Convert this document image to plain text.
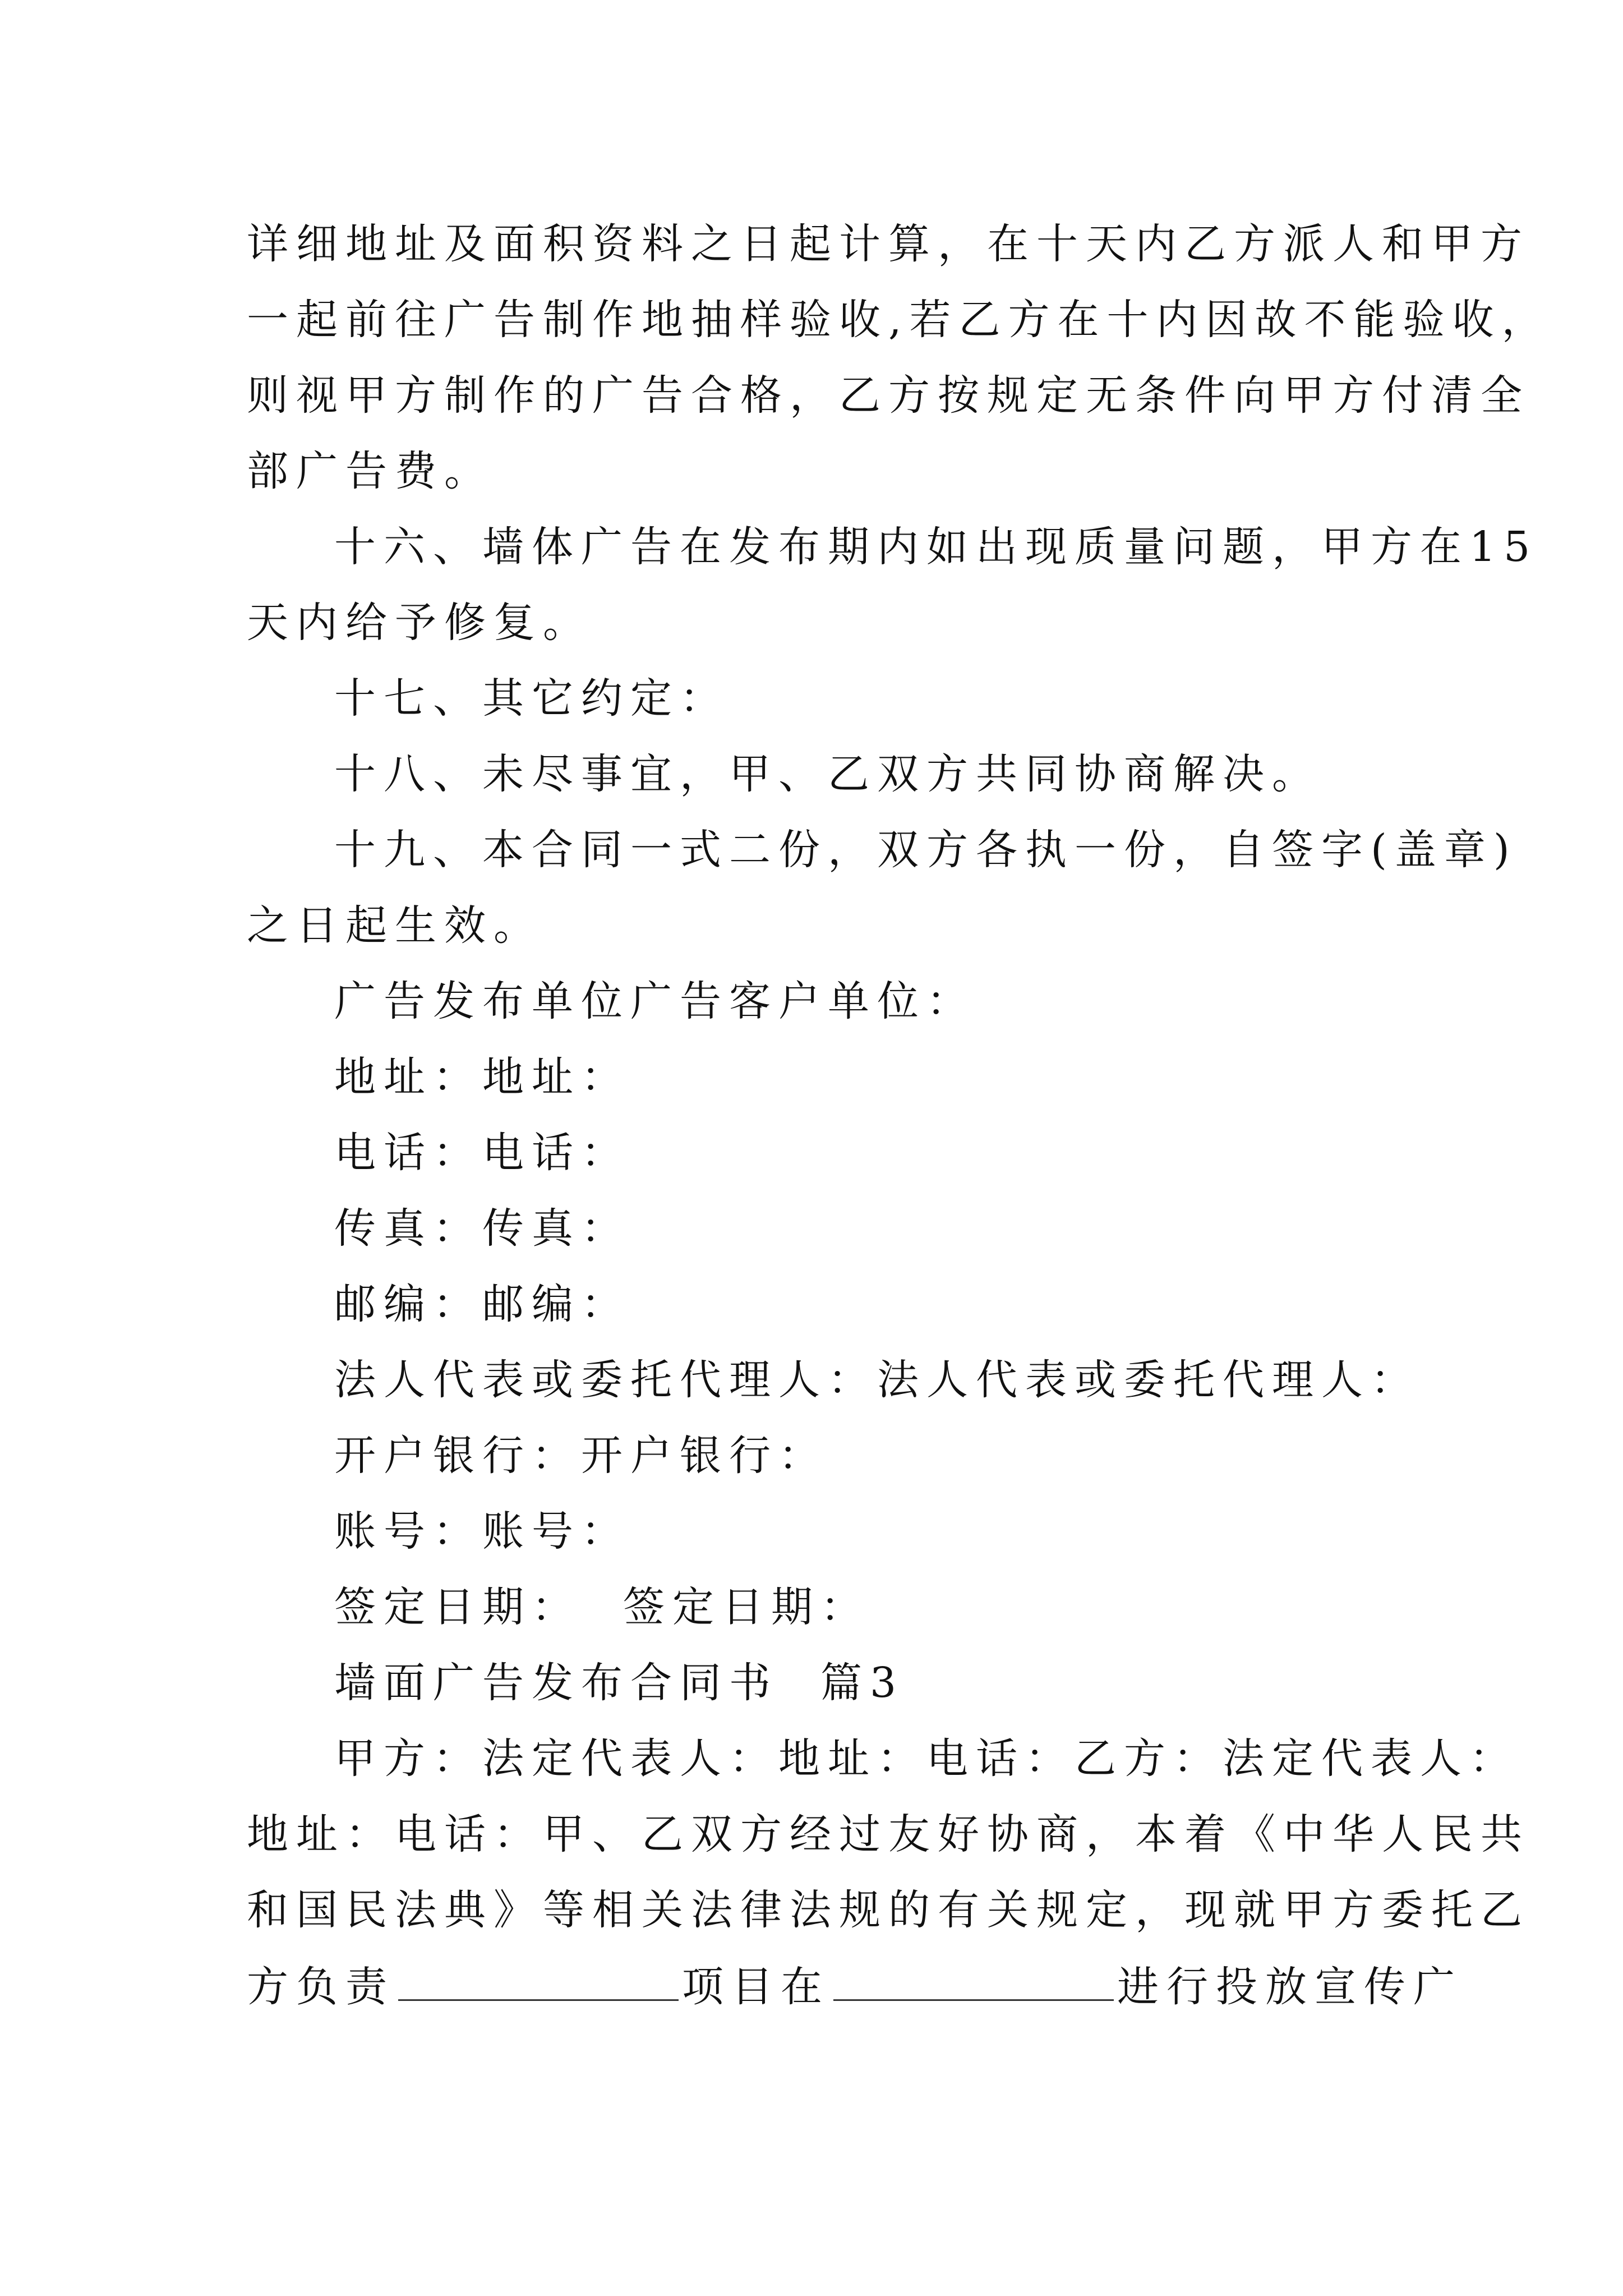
详细地址及面积资料之日起计算，在十天内乙方派人和甲方
一起前往广告制作地抽样验收,若乙方在十内因故不能验收，
则视甲方制作的广告合格，乙方按规定无条件向甲方付清全
部广告费。
十六、墙体广告在发布期内如出现质量问题，甲方在15
天内给予修复。
十七、其它约定：
十八、未尽事宜，甲、乙双方共同协商解决。
十九、本合同一式二份，双方各执一份，自签字(盖章)
之日起生效。
广告发布单位广告客户单位：
地址：地址：
电话：电话：
传真：传真：
邮编：邮编：
法人代表或委托代理人：法人代表或委托代理人：
开户银行：开户银行：
账号：账号：
签定日期：  签定日期：
墙面广告发布合同书  篇3
甲方：法定代表人：地址：电话：乙方：法定代表人：
地址：电话：甲、乙双方经过友好协商，本着《中华人民共
和国民法典》等相关法律法规的有关规定，现就甲方委托乙
方负责	项目在	进行投放宣传广
